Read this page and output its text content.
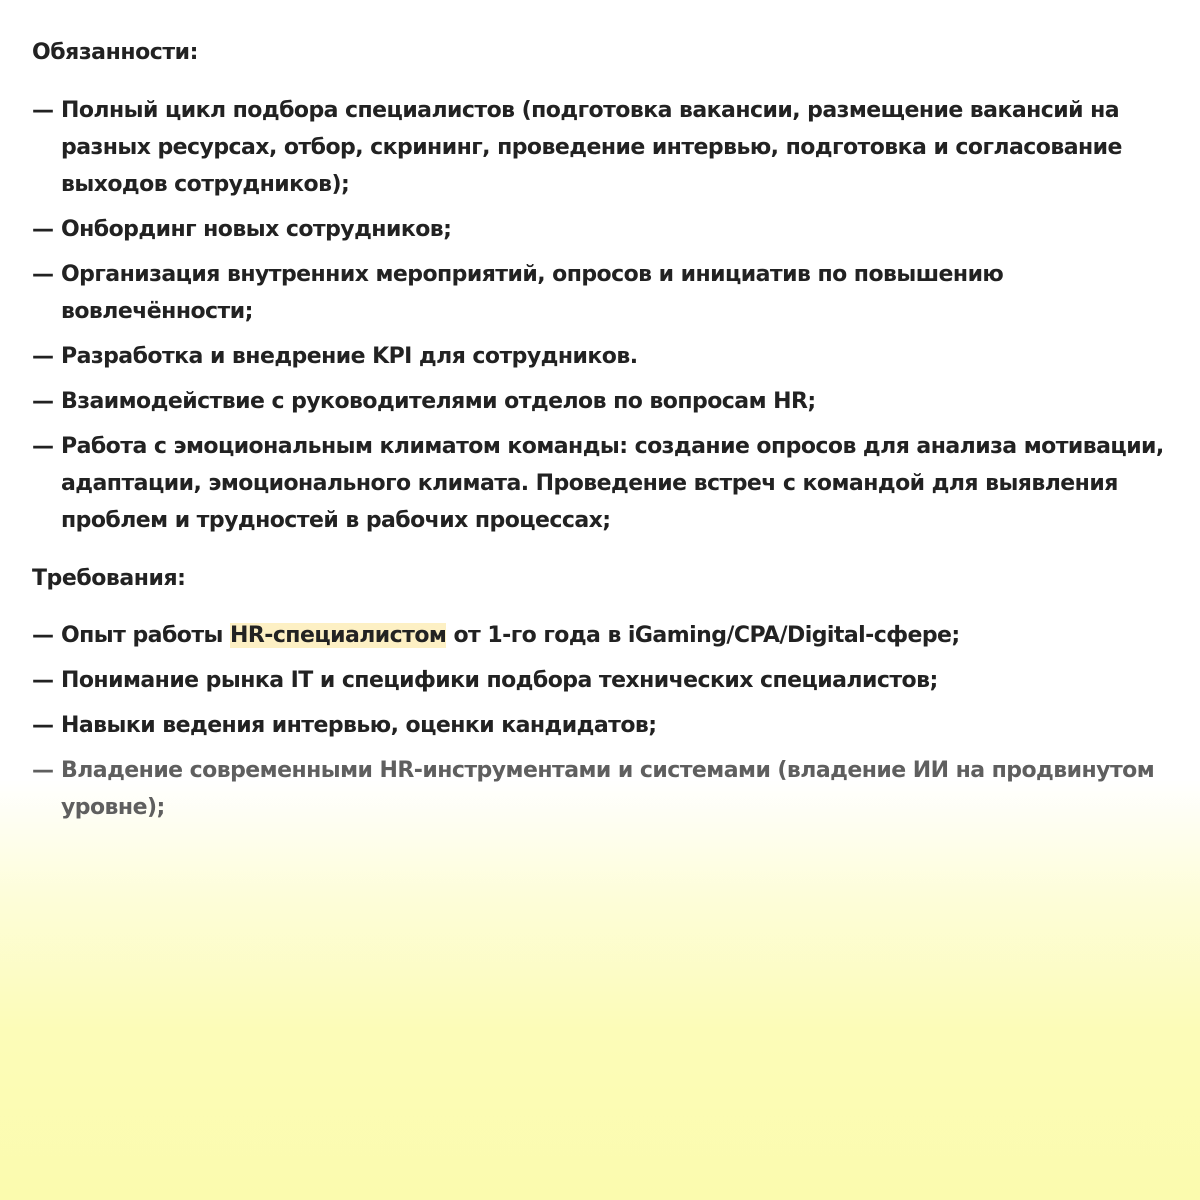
Обязанности:
— Полный цикл подбора специалистов (подготовка вакансии, размещение вакансий на разных ресурсах, отбор, скрининг, проведение интервью, подготовка и согласование выходов сотрудников);
— Онбординг новых сотрудников;
— Организация внутренних мероприятий, опросов и инициатив по повышению вовлечённости;
— Разработка и внедрение KPI для сотрудников.
— Взаимодействие с руководителями отделов по вопросам HR;
— Работа с эмоциональным климатом команды: создание опросов для анализа мотивации, адаптации, эмоционального климата. Проведение встреч с командой для выявления проблем и трудностей в рабочих процессах;
Требования:
— Опыт работы HR-специалистом от 1-го года в iGaming/CPA/Digital-сфере;
— Понимание рынка IT и специфики подбора технических специалистов;
— Навыки ведения интервью, оценки кандидатов;
— Владение современными HR-инструментами и системами (владение ИИ на продвинутом уровне);
